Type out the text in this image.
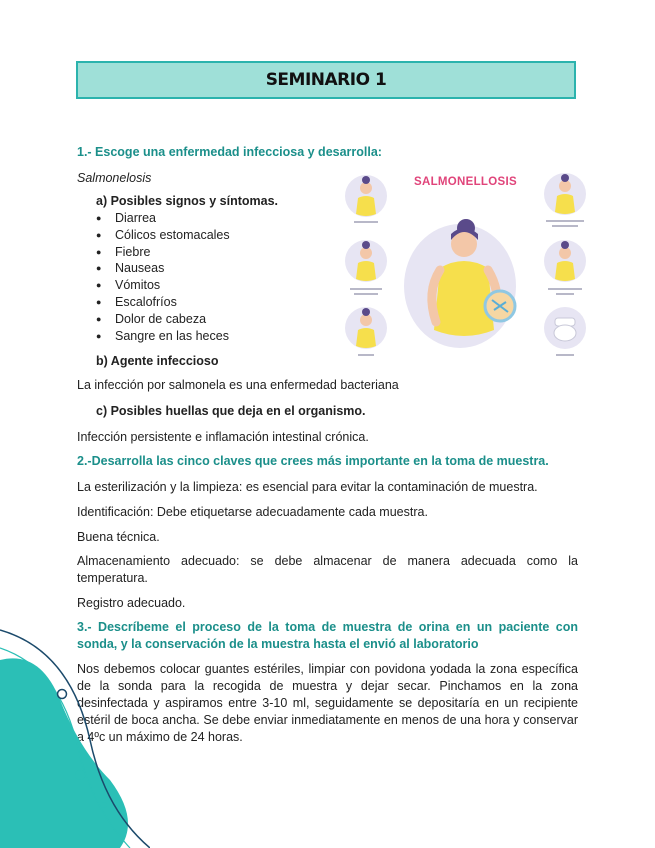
SEMINARIO 1
1.- Escoge una enfermedad infecciosa y desarrolla:
Salmonelosis
a) Posibles signos y síntomas.
● Diarrea
● Cólicos estomacales
● Fiebre
● Nauseas
● Vómitos
● Escalofríos
● Dolor de cabeza
● Sangre en las heces
b) Agente infeccioso
La infección por salmonela es una enfermedad bacteriana
c) Posibles huellas que deja en el organismo.
Infección persistente e inflamación intestinal crónica.
SALMONELLOSIS
2.-Desarrolla las cinco claves que crees más importante en la toma de muestra.
La esterilización y la limpieza: es esencial para evitar la contaminación de muestra.
Identificación: Debe etiquetarse adecuadamente cada muestra.
Buena técnica.
Almacenamiento adecuado: se debe almacenar de manera adecuada como la temperatura.
Registro adecuado.
3.- Descríbeme el proceso de la toma de muestra de orina en un paciente con sonda, y la conservación de la muestra hasta el envió al laboratorio
Nos debemos colocar guantes estériles, limpiar con povidona yodada la zona específica de la sonda para la recogida de muestra y dejar secar. Pinchamos en la zona desinfectada y aspiramos entre 3-10 ml, seguidamente se depositaría en un recipiente estéril de boca ancha. Se debe enviar inmediatamente en menos de una hora y conservar a 4ºc un máximo de 24 horas.
